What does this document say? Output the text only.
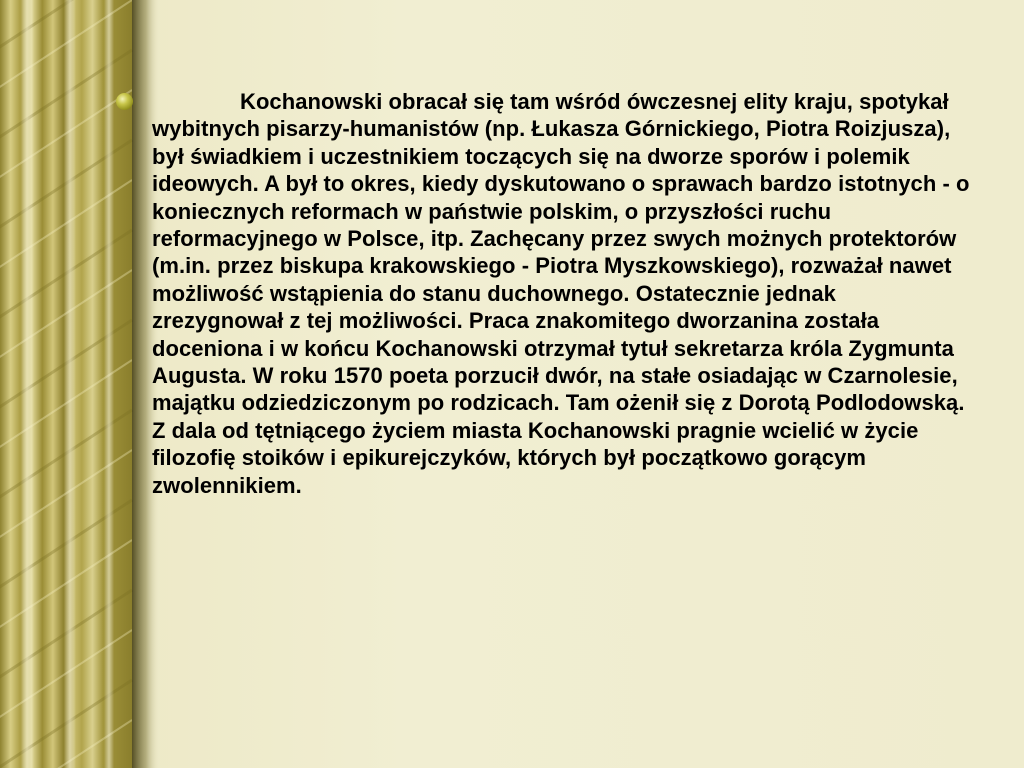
Kochanowski obracał się tam wśród ówczesnej elity kraju, spotykał wybitnych pisarzy-humanistów (np. Łukasza Górnickiego, Piotra Roizjusza), był świadkiem i uczestnikiem toczących się na dworze sporów i polemik ideowych. A był to okres, kiedy dyskutowano o sprawach bardzo istotnych - o koniecznych reformach w państwie polskim, o przyszłości ruchu reformacyjnego w Polsce, itp. Zachęcany przez swych możnych protektorów (m.in. przez biskupa krakowskiego - Piotra Myszkowskiego), rozważał nawet możliwość wstąpienia do stanu duchownego. Ostatecznie jednak zrezygnował z tej możliwości. Praca znakomitego dworzanina została doceniona i w końcu Kochanowski otrzymał tytuł sekretarza króla Zygmunta Augusta. W roku 1570 poeta porzucił dwór, na stałe osiadając w Czarnolesie, majątku odziedziczonym po rodzicach. Tam ożenił się z Dorotą Podlodowską. Z dala od tętniącego życiem miasta Kochanowski pragnie wcielić w życie filozofię stoików i epikurejczyków, których był początkowo gorącym zwolennikiem.
